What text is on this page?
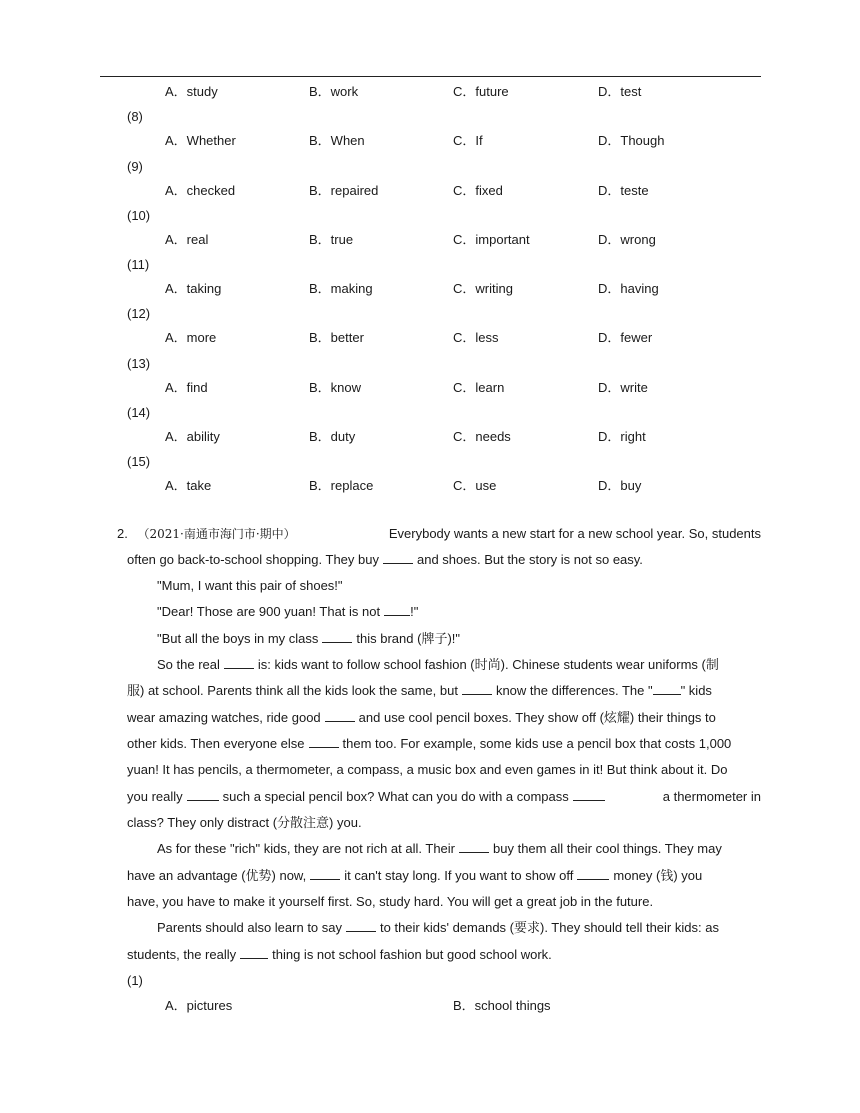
A．study	B．work	C．future	D．test
(8)
A．Whether	B．When	C．If	D．Though
(9)
A．checked	B．repaired	C．fixed	D．teste
(10)
A．real	B．true	C．important	D．wrong
(11)
A．taking	B．making	C．writing	D．having
(12)
A．more	B．better	C．less	D．fewer
(13)
A．find	B．know	C．learn	D．write
(14)
A．ability	B．duty	C．needs	D．right
(15)
A．take	B．replace	C．use	D．buy
2. （2021·南通市海门市·期中）	Everybody wants a new start for a new school year. So, students
often go back-to-school shopping. They buy	and shoes. But the story is not so easy.
"Mum, I want this pair of shoes!"
"Dear! Those are 900 yuan! That is not !"
"But all the boys in my class	this brand (牌子)!"
So the real	is: kids want to follow school fashion (时尚). Chinese students wear uniforms (制
服) at school. Parents think all the kids look the same, but	know the differences. The " " kids
wear amazing watches, ride good	and use cool pencil boxes. They show off (炫耀) their things to
other kids. Then everyone else	them too. For example, some kids use a pencil box that costs 1,000
yuan! It has pencils, a thermometer, a compass, a music box and even games in it! But think about it. Do
you really	such a special pencil box? What can you do with a compass	a thermometer in
class? They only distract (分散注意) you.
As for these "rich" kids, they are not rich at all. Their	buy them all their cool things. They may
have an advantage (优势) now,	it can't stay long. If you want to show off	money (钱) you
have, you have to make it yourself first. So, study hard. You will get a great job in the future.
Parents should also learn to say	to their kids' demands (要求). They should tell their kids: as
students, the really	thing is not school fashion but good school work.
(1)
A．pictures	B．school things
